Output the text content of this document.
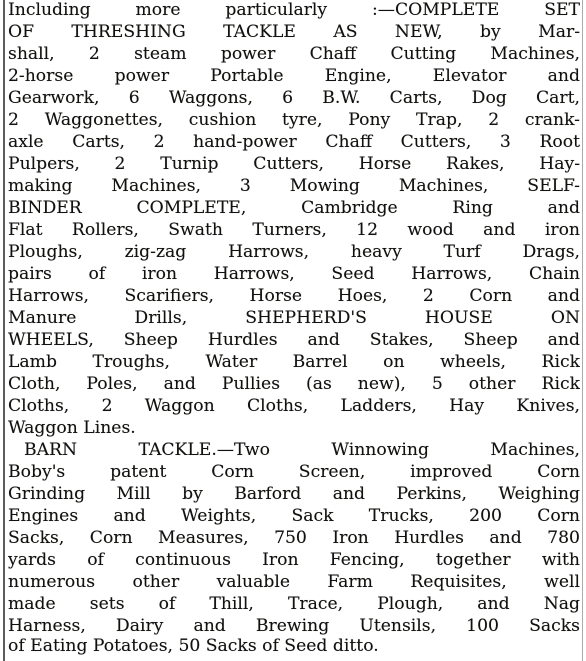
Including more particularly :—COMPLETE SET
OF THRESHING TACKLE AS NEW, by Mar-
shall, 2 steam power Chaff Cutting Machines,
2-horse power Portable Engine, Elevator and
Gearwork, 6 Waggons, 6 B.W. Carts, Dog Cart,
2 Waggonettes, cushion tyre, Pony Trap, 2 crank-
axle Carts, 2 hand-power Chaff Cutters, 3 Root
Pulpers, 2 Turnip Cutters, Horse Rakes, Hay-
making Machines, 3 Mowing Machines, SELF-
BINDER COMPLETE, Cambridge Ring and
Flat Rollers, Swath Turners, 12 wood and iron
Ploughs, zig-zag Harrows, heavy Turf Drags,
pairs of iron Harrows, Seed Harrows, Chain
Harrows, Scarifiers, Horse Hoes, 2 Corn and
Manure Drills, SHEPHERD'S HOUSE ON
WHEELS, Sheep Hurdles and Stakes, Sheep and
Lamb Troughs, Water Barrel on wheels, Rick
Cloth, Poles, and Pullies (as new), 5 other Rick
Cloths, 2 Waggon Cloths, Ladders, Hay Knives,
Waggon Lines.
BARN TACKLE.—Two Winnowing Machines,
Boby's patent Corn Screen, improved Corn
Grinding Mill by Barford and Perkins, Weighing
Engines and Weights, Sack Trucks, 200 Corn
Sacks, Corn Measures, 750 Iron Hurdles and 780
yards of continuous Iron Fencing, together with
numerous other valuable Farm Requisites, well
made sets of Thill, Trace, Plough, and Nag
Harness, Dairy and Brewing Utensils, 100 Sacks
of Eating Potatoes, 50 Sacks of Seed ditto.
